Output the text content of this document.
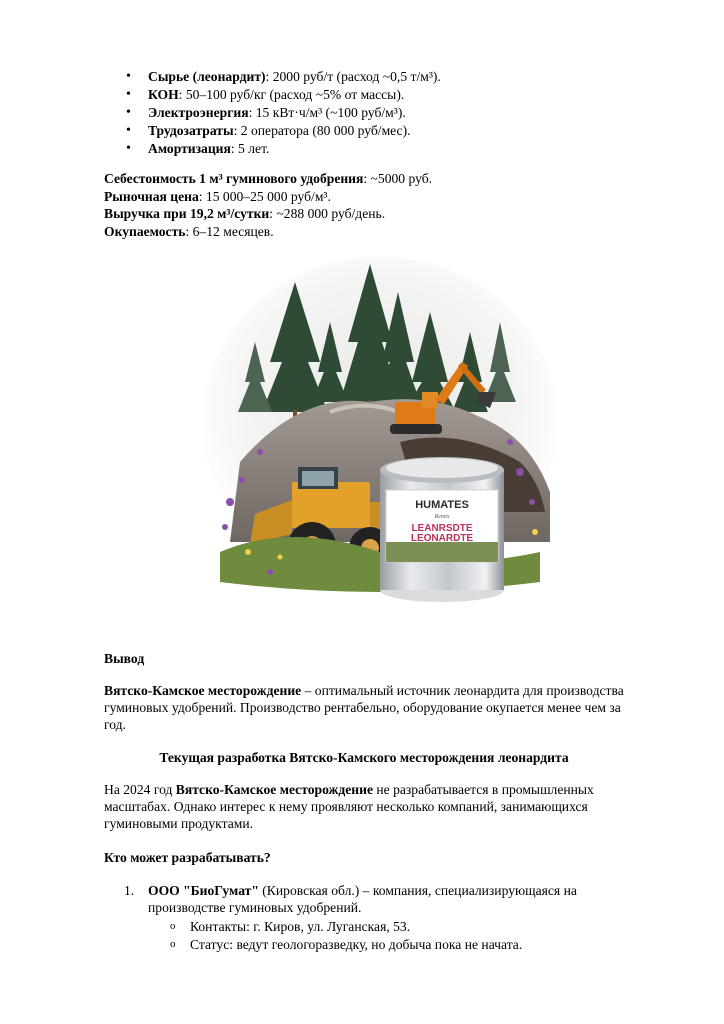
• Сырье (леонардит): 2000 руб/т (расход ~0,5 т/м³).
• КОН: 50–100 руб/кг (расход ~5% от массы).
• Электроэнергия: 15 кВт·ч/м³ (~100 руб/м³).
• Трудозатраты: 2 оператора (80 000 руб/мес).
• Амортизация: 5 лет.
Себестоимость 1 м³ гуминового удобрения: ~5000 руб.
Рыночная цена: 15 000–25 000 руб/м³.
Выручка при 19,2 м³/сутки: ~288 000 руб/день.
Окупаемость: 6–12 месяцев.
HUMATES
Remix
LEANRSDTE
LEONARDTE
Вывод
Вятско-Камское месторождение – оптимальный источник леонардита для производства гуминовых удобрений. Производство рентабельно, оборудование окупается менее чем за год.
Текущая разработка Вятско-Камского месторождения леонардита
На 2024 год Вятско-Камское месторождение не разрабатывается в промышленных масштабах. Однако интерес к нему проявляют несколько компаний, занимающихся гуминовыми продуктами.
Кто может разрабатывать?
1. ООО "БиоГумат" (Кировская обл.) – компания, специализирующаяся на производстве гуминовых удобрений.
o Контакты: г. Киров, ул. Луганская, 53.
o Статус: ведут геологоразведку, но добыча пока не начата.
